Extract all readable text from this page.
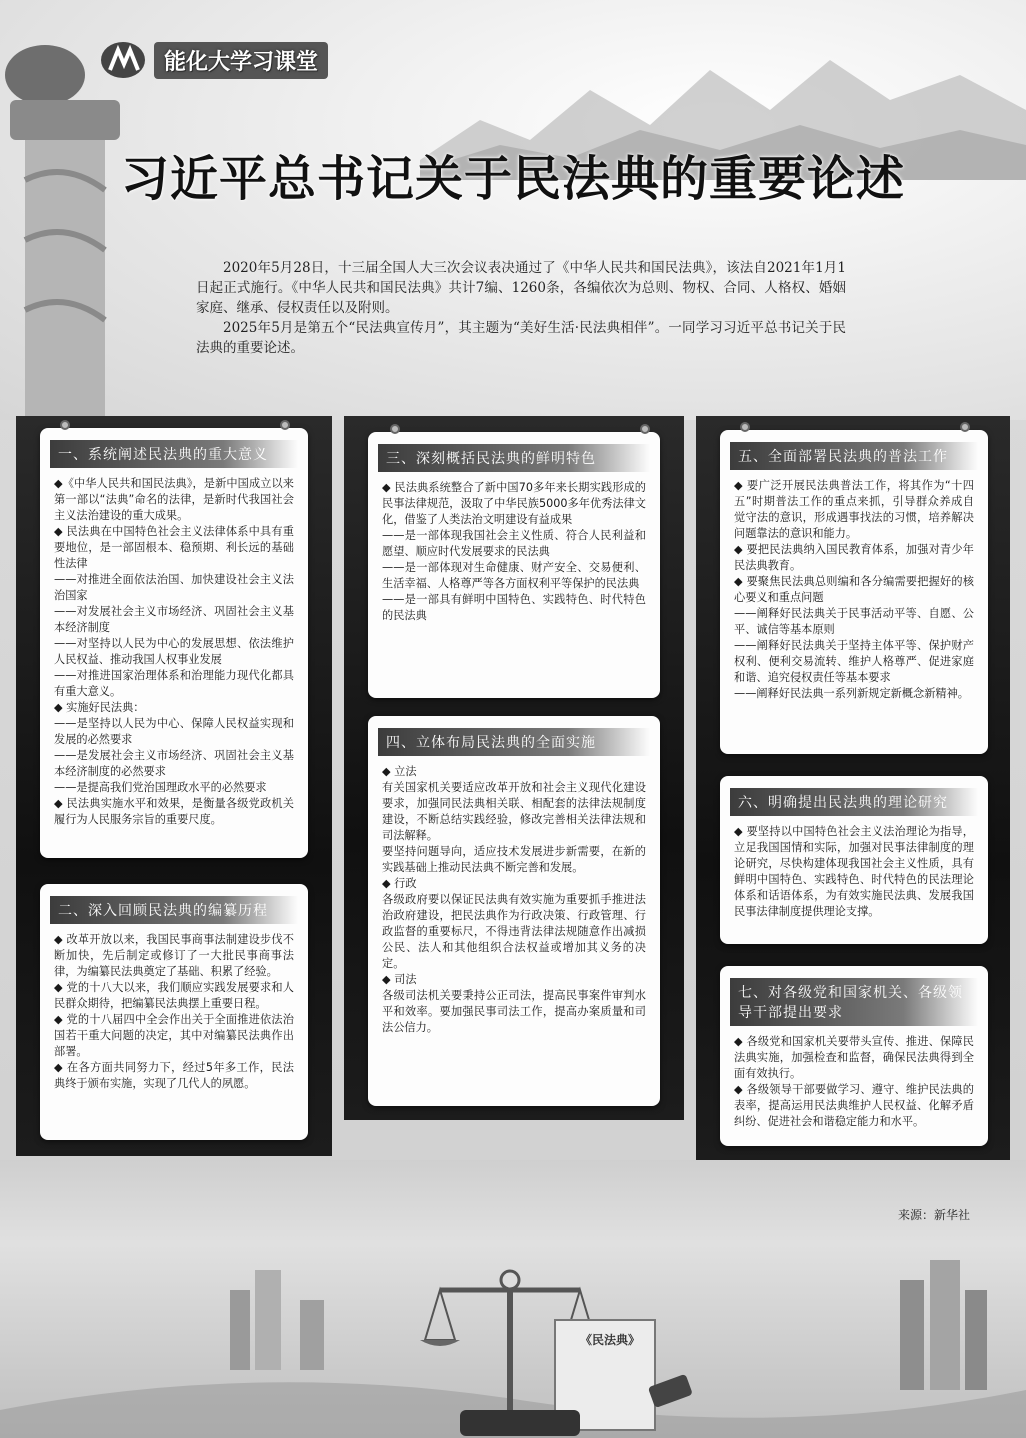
能化大学习课堂
习近平总书记关于民法典的重要论述

2020年5月28日，十三届全国人大三次会议表决通过了《中华人民共和国民法典》，该法自2021年1月1日起正式施行。《中华人民共和国民法典》共计7编、1260条，各编依次为总则、物权、合同、人格权、婚姻家庭、继承、侵权责任以及附则。

2025年5月是第五个“民法典宣传月”，其主题为“美好生活·民法典相伴”。一同学习习近平总书记关于民法典的重要论述。

一、系统阐述民法典的重大意义
◆《中华人民共和国民法典》，是新中国成立以来第一部以“法典”命名的法律，是新时代我国社会主义法治建设的重大成果。
◆ 民法典在中国特色社会主义法律体系中具有重要地位，是一部固根本、稳预期、利长远的基础性法律
——对推进全面依法治国、加快建设社会主义法治国家
——对发展社会主义市场经济、巩固社会主义基本经济制度
——对坚持以人民为中心的发展思想、依法维护人民权益、推动我国人权事业发展
——对推进国家治理体系和治理能力现代化都具有重大意义。
◆ 实施好民法典：
——是坚持以人民为中心、保障人民权益实现和发展的必然要求
——是发展社会主义市场经济、巩固社会主义基本经济制度的必然要求
——是提高我们党治国理政水平的必然要求
◆ 民法典实施水平和效果，是衡量各级党政机关履行为人民服务宗旨的重要尺度。
二、深入回顾民法典的编纂历程
◆ 改革开放以来，我国民事商事法制建设步伐不断加快，先后制定或修订了一大批民事商事法律，为编纂民法典奠定了基础、积累了经验。
◆ 党的十八大以来，我们顺应实践发展要求和人民群众期待，把编纂民法典摆上重要日程。
◆ 党的十八届四中全会作出关于全面推进依法治国若干重大问题的决定，其中对编纂民法典作出部署。
◆ 在各方面共同努力下，经过5年多工作，民法典终于颁布实施，实现了几代人的夙愿。
三、深刻概括民法典的鲜明特色
◆ 民法典系统整合了新中国70多年来长期实践形成的民事法律规范，汲取了中华民族5000多年优秀法律文化，借鉴了人类法治文明建设有益成果
——是一部体现我国社会主义性质、符合人民利益和愿望、顺应时代发展要求的民法典
——是一部体现对生命健康、财产安全、交易便利、生活幸福、人格尊严等各方面权利平等保护的民法典
——是一部具有鲜明中国特色、实践特色、时代特色的民法典
四、立体布局民法典的全面实施
◆ 立法
有关国家机关要适应改革开放和社会主义现代化建设要求，加强同民法典相关联、相配套的法律法规制度建设，不断总结实践经验，修改完善相关法律法规和司法解释。
要坚持问题导向，适应技术发展进步新需要，在新的实践基础上推动民法典不断完善和发展。
◆ 行政
各级政府要以保证民法典有效实施为重要抓手推进法治政府建设，把民法典作为行政决策、行政管理、行政监督的重要标尺，不得违背法律法规随意作出减损公民、法人和其他组织合法权益或增加其义务的决定。
◆ 司法
各级司法机关要秉持公正司法，提高民事案件审判水平和效率。要加强民事司法工作，提高办案质量和司法公信力。
五、全面部署民法典的普法工作
◆ 要广泛开展民法典普法工作，将其作为“十四五”时期普法工作的重点来抓，引导群众养成自觉守法的意识，形成遇事找法的习惯，培养解决问题靠法的意识和能力。
◆ 要把民法典纳入国民教育体系，加强对青少年民法典教育。
◆ 要聚焦民法典总则编和各分编需要把握好的核心要义和重点问题
——阐释好民法典关于民事活动平等、自愿、公平、诚信等基本原则
——阐释好民法典关于坚持主体平等、保护财产权利、便利交易流转、维护人格尊严、促进家庭和谐、追究侵权责任等基本要求
——阐释好民法典一系列新规定新概念新精神。
六、明确提出民法典的理论研究
◆ 要坚持以中国特色社会主义法治理论为指导，立足我国国情和实际，加强对民事法律制度的理论研究，尽快构建体现我国社会主义性质，具有鲜明中国特色、实践特色、时代特色的民法理论体系和话语体系，为有效实施民法典、发展我国民事法律制度提供理论支撑。
七、对各级党和国家机关、各级领导干部提出要求
◆ 各级党和国家机关要带头宣传、推进、保障民法典实施，加强检查和监督，确保民法典得到全面有效执行。
◆ 各级领导干部要做学习、遵守、维护民法典的表率，提高运用民法典维护人民权益、化解矛盾纠纷、促进社会和谐稳定能力和水平。
来源：新华社
《民法典》
